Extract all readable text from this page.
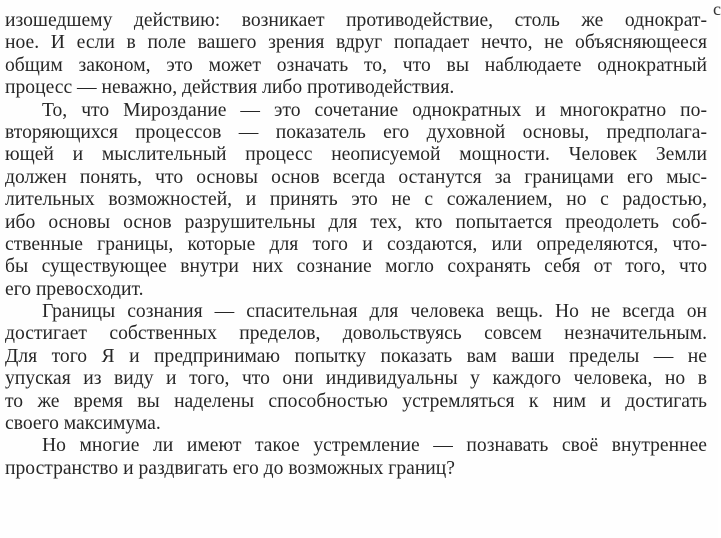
с
изошедшему действию: возникает противодействие, столь же однократ-
ное. И если в поле вашего зрения вдруг попадает нечто, не объясняющееся
общим законом, это может означать то, что вы наблюдаете однократный
процесс — неважно, действия либо противодействия.
То, что Мироздание — это сочетание однократных и многократно по-
вторяющихся процессов — показатель его духовной основы, предполага-
ющей и мыслительный процесс неописуемой мощности. Человек Земли
должен понять, что основы основ всегда останутся за границами его мыс-
лительных возможностей, и принять это не с сожалением, но с радостью,
ибо основы основ разрушительны для тех, кто попытается преодолеть соб-
ственные границы, которые для того и создаются, или определяются, что-
бы существующее внутри них сознание могло сохранять себя от того, что
его превосходит.
Границы сознания — спасительная для человека вещь. Но не всегда он
достигает собственных пределов, довольствуясь совсем незначительным.
Для того Я и предпринимаю попытку показать вам ваши пределы — не
упуская из виду и того, что они индивидуальны у каждого человека, но в
то же время вы наделены способностью устремляться к ним и достигать
своего максимума.
Но многие ли имеют такое устремление — познавать своё внутреннее
пространство и раздвигать его до возможных границ?
